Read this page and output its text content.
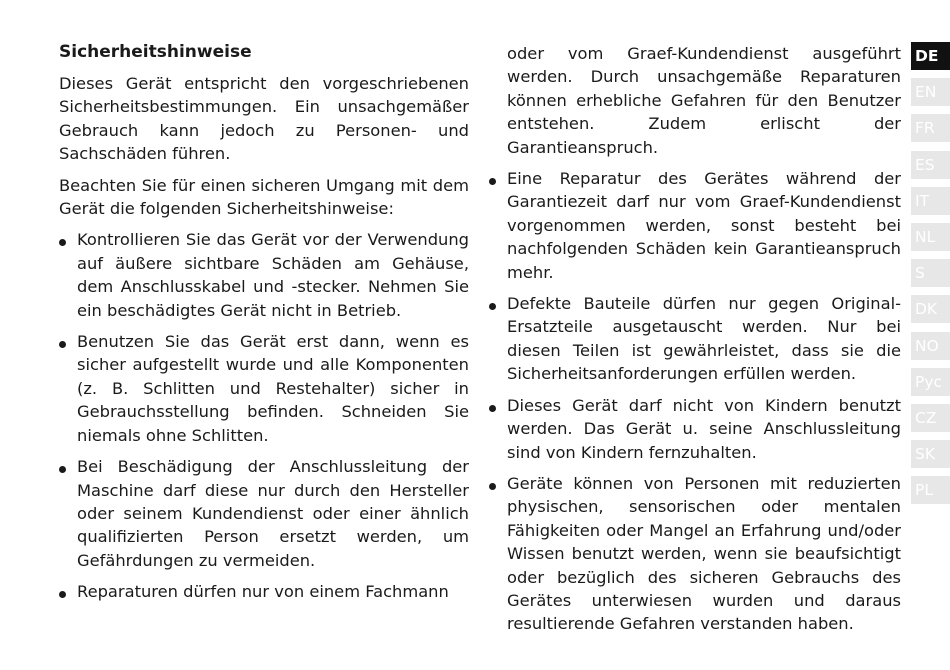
Sicherheitshinweise

Dieses Gerät entspricht den vorgeschriebenen Sicherheitsbestimmungen. Ein unsachgemäßer Gebrauch kann jedoch zu Personen- und Sachschäden führen.

Beachten Sie für einen sicheren Umgang mit dem Gerät die folgenden Sicherheitshinweise:

Kontrollieren Sie das Gerät vor der Verwendung auf äußere sichtbare Schäden am Gehäuse, dem Anschlusskabel und -stecker. Nehmen Sie ein beschädigtes Gerät nicht in Betrieb.

Benutzen Sie das Gerät erst dann, wenn es sicher aufgestellt wurde und alle Komponenten (z. B. Schlitten und Restehalter) sicher in Gebrauchsstellung befinden. Schneiden Sie niemals ohne Schlitten.

Bei Beschädigung der Anschlussleitung der Maschine darf diese nur durch den Hersteller oder seinem Kundendienst oder einer ähnlich qualifizierten Person ersetzt werden, um Gefährdungen zu vermeiden.

Reparaturen dürfen nur von einem Fachmann

oder vom Graef-Kundendienst ausgeführt werden. Durch unsachgemäße Reparaturen können erhebliche Gefahren für den Benutzer entstehen. Zudem erlischt der Garantieanspruch.

Eine Reparatur des Gerätes während der Garantiezeit darf nur vom Graef-Kundendienst vorgenommen werden, sonst besteht bei nachfolgenden Schäden kein Garantieanspruch mehr.

Defekte Bauteile dürfen nur gegen Original-Ersatzteile ausgetauscht werden. Nur bei diesen Teilen ist gewährleistet, dass sie die Sicherheitsanforderungen erfüllen werden.

Dieses Gerät darf nicht von Kindern benutzt werden. Das Gerät u. seine Anschlussleitung sind von Kindern fernzuhalten.

Geräte können von Personen mit reduzierten physischen, sensorischen oder mentalen Fähigkeiten oder Mangel an Erfahrung und/oder Wissen benutzt werden, wenn sie beaufsichtigt oder bezüglich des sicheren Gebrauchs des Gerätes unterwiesen wurden und daraus resultierende Gefahren verstanden haben.

DE
EN
FR
ES
IT
NL
S
DK
NO
Рус
CZ
SK
PL
